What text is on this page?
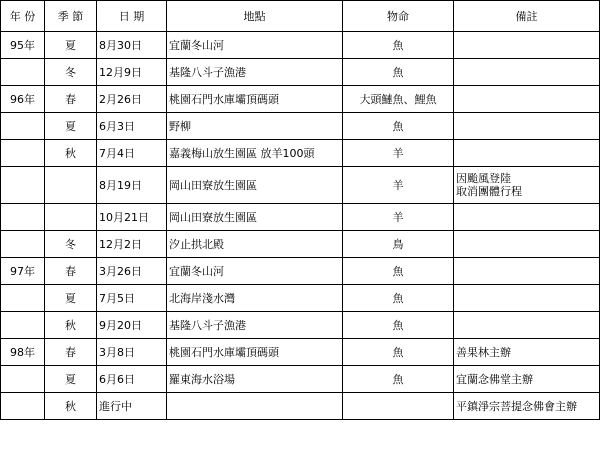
年 份	季 節	日 期	地點	物命	備註
95年	夏	8月30日	宜蘭冬山河	魚	
	冬	12月9日	基隆八斗子漁港	魚	
96年	春	2月26日	桃園石門水庫壩頂碼頭	大頭鰱魚、鯉魚	
	夏	6月3日	野柳	魚	
	秋	7月4日	嘉義梅山放生園區 放羊100頭	羊	
		8月19日	岡山田寮放生園區	羊	因颱風登陸
取消團體行程
		10月21日	岡山田寮放生園區	羊	
	冬	12月2日	汐止拱北殿	鳥	
97年	春	3月26日	宜蘭冬山河	魚	
	夏	7月5日	北海岸淺水灣	魚	
	秋	9月20日	基隆八斗子漁港	魚	
98年	春	3月8日	桃園石門水庫壩頂碼頭	魚	善果林主辦
	夏	6月6日	羅東海水浴場	魚	宜蘭念佛堂主辦
	秋	進行中			平鎮淨宗菩提念佛會主辦
